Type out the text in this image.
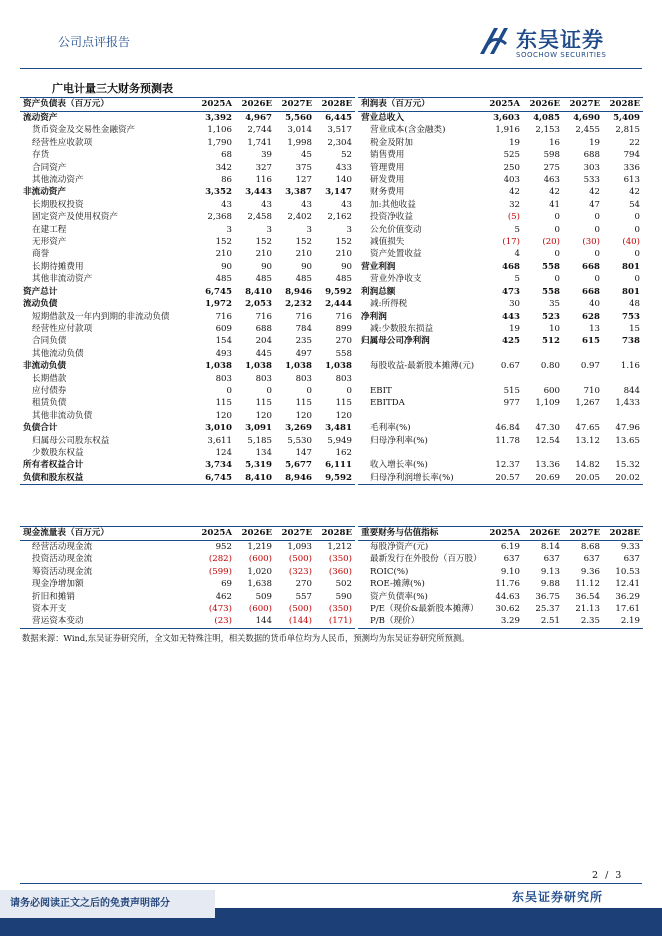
公司点评报告	东吴证券
SOOCHOW SECURITIES
广电计量三大财务预测表
资产负债表（百万元）	2025A	2026E	2027E	2028E
流动资产	3,392	4,967	5,560	6,445
货币资金及交易性金融资产	1,106	2,744	3,014	3,517
经营性应收款项	1,790	1,741	1,998	2,304
存货	68	39	45	52
合同资产	342	327	375	433
其他流动资产	86	116	127	140
非流动资产	3,352	3,443	3,387	3,147
长期股权投资	43	43	43	43
固定资产及使用权资产	2,368	2,458	2,402	2,162
在建工程	3	3	3	3
无形资产	152	152	152	152
商誉	210	210	210	210
长期待摊费用	90	90	90	90
其他非流动资产	485	485	485	485
资产总计	6,745	8,410	8,946	9,592
流动负债	1,972	2,053	2,232	2,444
短期借款及一年内到期的非流动负债	716	716	716	716
经营性应付款项	609	688	784	899
合同负债	154	204	235	270
其他流动负债	493	445	497	558
非流动负债	1,038	1,038	1,038	1,038
长期借款	803	803	803	803
应付债券	0	0	0	0
租赁负债	115	115	115	115
其他非流动负债	120	120	120	120
负债合计	3,010	3,091	3,269	3,481
归属母公司股东权益	3,611	5,185	5,530	5,949
少数股东权益	124	134	147	162
所有者权益合计	3,734	5,319	5,677	6,111
负债和股东权益	6,745	8,410	8,946	9,592
利润表（百万元）	2025A	2026E	2027E	2028E
营业总收入	3,603	4,085	4,690	5,409
营业成本(含金融类)	1,916	2,153	2,455	2,815
税金及附加	19	16	19	22
销售费用	525	598	688	794
管理费用	250	275	303	336
研发费用	403	463	533	613
财务费用	42	42	42	42
加:其他收益	32	41	47	54
投资净收益	(5)	0	0	0
公允价值变动	5	0	0	0
减值损失	(17)	(20)	(30)	(40)
资产处置收益	4	0	0	0
营业利润	468	558	668	801
营业外净收支	5	0	0	0
利润总额	473	558	668	801
减:所得税	30	35	40	48
净利润	443	523	628	753
减:少数股东损益	19	10	13	15
归属母公司净利润	425	512	615	738

每股收益-最新股本摊薄(元)	0.67	0.80	0.97	1.16

EBIT	515	600	710	844
EBITDA	977	1,109	1,267	1,433

毛利率(%)	46.84	47.30	47.65	47.96
归母净利率(%)	11.78	12.54	13.12	13.65

收入增长率(%)	12.37	13.36	14.82	15.32
归母净利润增长率(%)	20.57	20.69	20.05	20.02
现金流量表（百万元）	2025A	2026E	2027E	2028E
经营活动现金流	952	1,219	1,093	1,212
投资活动现金流	(282)	(600)	(500)	(350)
筹资活动现金流	(599)	1,020	(323)	(360)
现金净增加额	69	1,638	270	502
折旧和摊销	462	509	557	590
资本开支	(473)	(600)	(500)	(350)
营运资本变动	(23)	144	(144)	(171)
重要财务与估值指标	2025A	2026E	2027E	2028E
每股净资产(元)	6.19	8.14	8.68	9.33
最新发行在外股份（百万股）	637	637	637	637
ROIC(%)	9.10	9.13	9.36	10.53
ROE-摊薄(%)	11.76	9.88	11.12	12.41
资产负债率(%)	44.63	36.75	36.54	36.29
P/E（现价&最新股本摊薄）	30.62	25.37	21.13	17.61
P/B（现价）	3.29	2.51	2.35	2.19
数据来源：Wind,东吴证券研究所，全文如无特殊注明，相关数据的货币单位均为人民币，预测均为东吴证券研究所预测。
2 / 3
东吴证券研究所
请务必阅读正文之后的免责声明部分
